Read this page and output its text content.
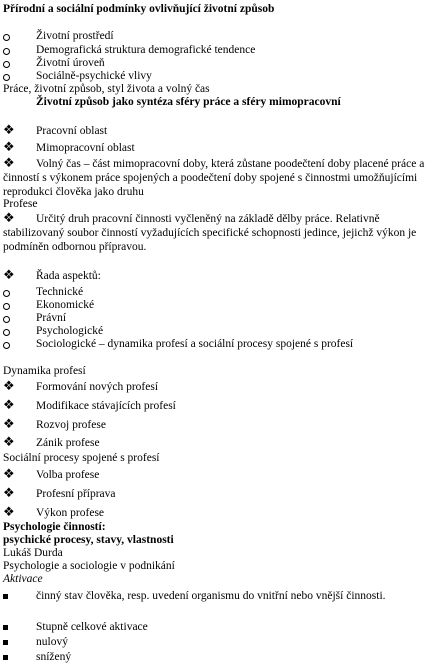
Přírodní a sociální podmínky ovlivňující životní způsob
Životní prostředí
Demografická struktura demografické tendence
Životní úroveň
Sociálně-psychické vlivy
Práce, životní způsob, styl života a volný čas
Životní způsob jako syntéza sféry práce a sféry mimopracovní
❖	Pracovní oblast
❖	Mimopracovní oblast
❖	Volný čas – část mimopracovní doby, která zůstane poodečtení doby placené práce a činností s výkonem práce spojených a poodečtení doby spojené s činnostmi umožňujícími reprodukci člověka jako druhu
Profese
❖	Určitý druh pracovní činnosti vyčleněný na základě dělby práce. Relativně stabilizovaný soubor činností vyžadujících specifické schopnosti jedince, jejichž výkon je podmíněn odbornou přípravou.
❖	Řada aspektů:
Technické
Ekonomické
Právní
Psychologické
Sociologické – dynamika profesí a sociální procesy spojené s profesí
Dynamika profesí
❖	Formování nových profesí
❖	Modifikace stávajících profesí
❖	Rozvoj profese
❖	Zánik profese
Sociální procesy spojené s profesí
❖	Volba profese
❖	Profesní příprava
❖	Výkon profese
Psychologie činností:
psychické procesy, stavy, vlastnosti
Lukáš Durda
Psychologie a sociologie v podnikání
Aktivace
činný stav člověka, resp. uvedení organismu do vnitřní nebo vnější činnosti.
Stupně celkové aktivace
nulový
snížený
